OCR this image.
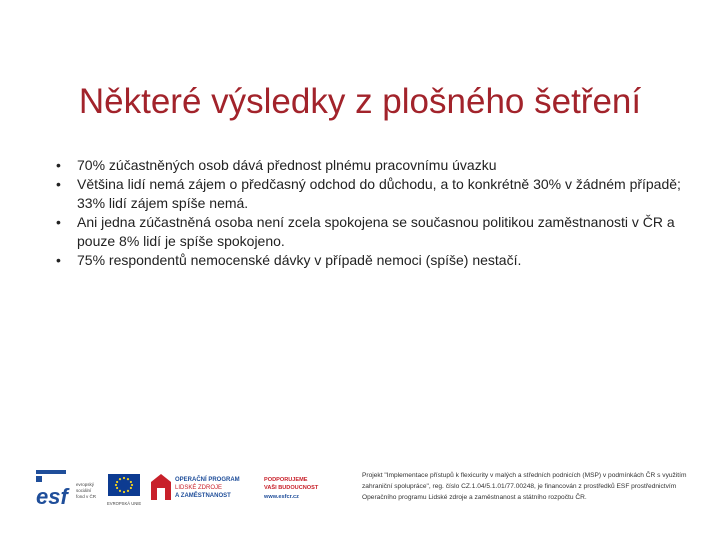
Některé výsledky z plošného šetření
• 70% zúčastněných osob dává přednost plnému pracovnímu úvazku
• Většina lidí nemá zájem o předčasný odchod do důchodu, a to konkrétně 30% v žádném případě; 33% lidí zájem spíše nemá.
• Ani jedna zúčastněná osoba není zcela spokojena se současnou politikou zaměstnanosti v ČR a pouze 8% lidí je spíše spokojeno.
• 75% respondentů nemocenské dávky v případě nemoci (spíše) nestačí.
esf	evropský
sociální
fond v ČR
EVROPSKÁ UNIE
OPERAČNÍ PROGRAM
LIDSKÉ ZDROJE
A ZAMĚSTNANOST
PODPORUJEME
VAŠI BUDOUCNOST
www.esfcr.cz
Projekt "Implementace přístupů k flexicurity v malých a středních podnicích (MSP) v podmínkách ČR s využitím zahraniční spolupráce", reg. číslo CZ.1.04/5.1.01/77.00248, je financován z prostředků ESF prostřednictvím Operačního programu Lidské zdroje a zaměstnanost a státního rozpočtu ČR.
